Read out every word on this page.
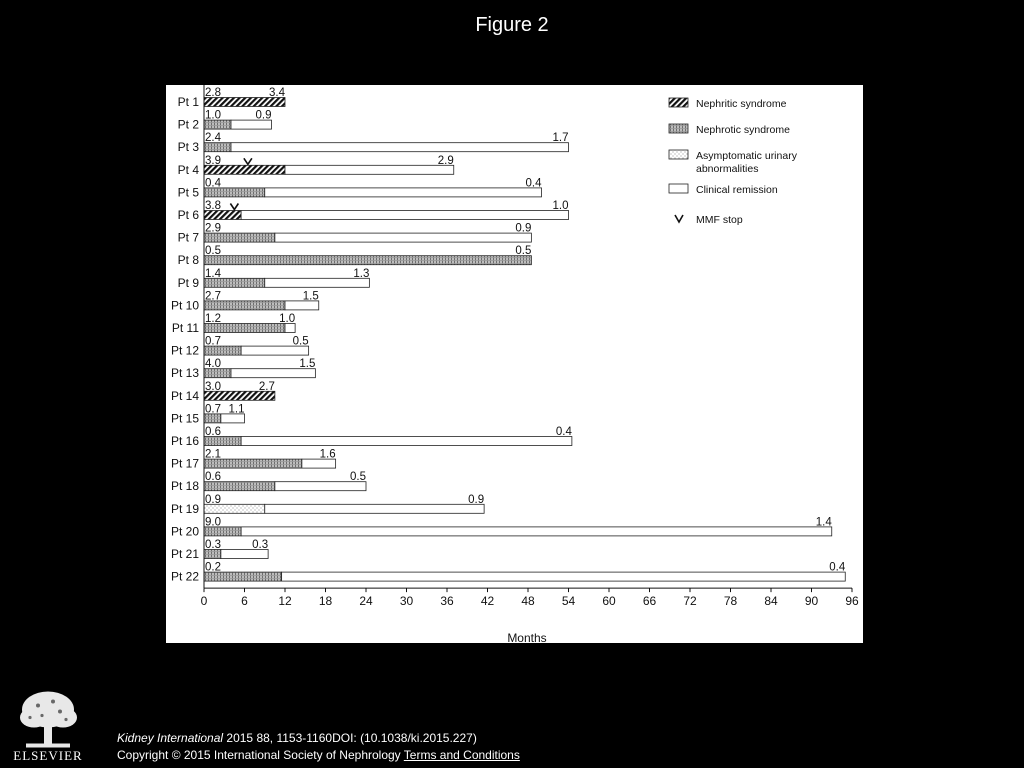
Figure 2
Pt 1
Pt 2
Pt 3
Pt 4
Pt 5
Pt 6
Pt 7
Pt 8
Pt 9
Pt 10
Pt 11
Pt 12
Pt 13
Pt 14
Pt 15
Pt 16
Pt 17
Pt 18
Pt 19
Pt 20
Pt 21
Pt 22
2.8	3.4
1.0	0.9
2.4	1.7
3.9	2.9
0.4	0.4
3.8	1.0
2.9	0.9
0.5	0.5
1.4	1.3
2.7	1.5
1.2	1.0
0.7	0.5
4.0	1.5
3.0	2.7
0.7 1.1
0.6	0.4
2.1	1.6
0.6	0.5
0.9	0.9
9.0	1.4
0.3	0.3
0.2	0.4
0	6	12 18 24 30 36 42 48 54 60 66 72 78 84 90 96
Months
Nephritic syndrome
Nephrotic syndrome
Asymptomatic urinary abnormalities
Clinical remission
MMF stop
ELSEVIER
Kidney International 2015 88, 1153-1160DOI: (10.1038/ki.2015.227)
Copyright © 2015 International Society of Nephrology Terms and Conditions
